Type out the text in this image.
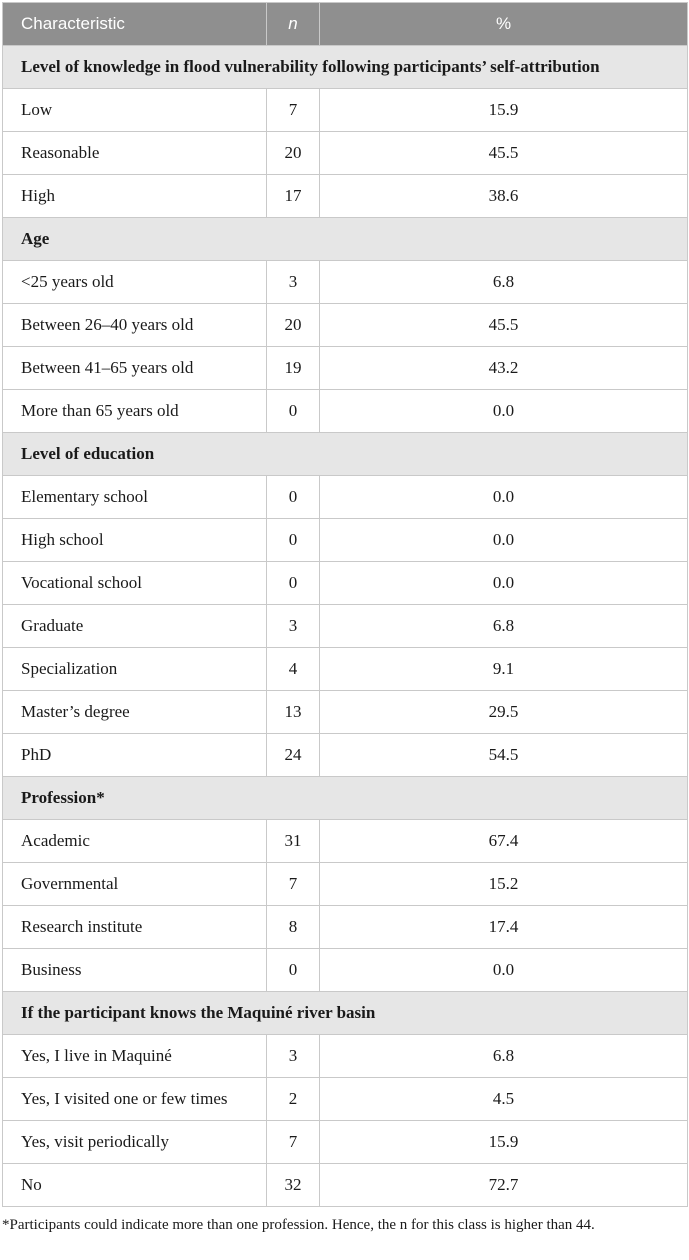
Characteristic	n	%
Level of knowledge in flood vulnerability following participants’ self-attribution		
Low	7	15.9
Reasonable	20	45.5
High	17	38.6
Age		
<25 years old	3	6.8
Between 26–40 years old	20	45.5
Between 41–65 years old	19	43.2
More than 65 years old	0	0.0
Level of education		
Elementary school	0	0.0
High school	0	0.0
Vocational school	0	0.0
Graduate	3	6.8
Specialization	4	9.1
Master’s degree	13	29.5
PhD	24	54.5
Profession*		
Academic	31	67.4
Governmental	7	15.2
Research institute	8	17.4
Business	0	0.0
If the participant knows the Maquiné river basin		
Yes, I live in Maquiné	3	6.8
Yes, I visited one or few times	2	4.5
Yes, visit periodically	7	15.9
No	32	72.7
*Participants could indicate more than one profession. Hence, the n for this class is higher than 44.
